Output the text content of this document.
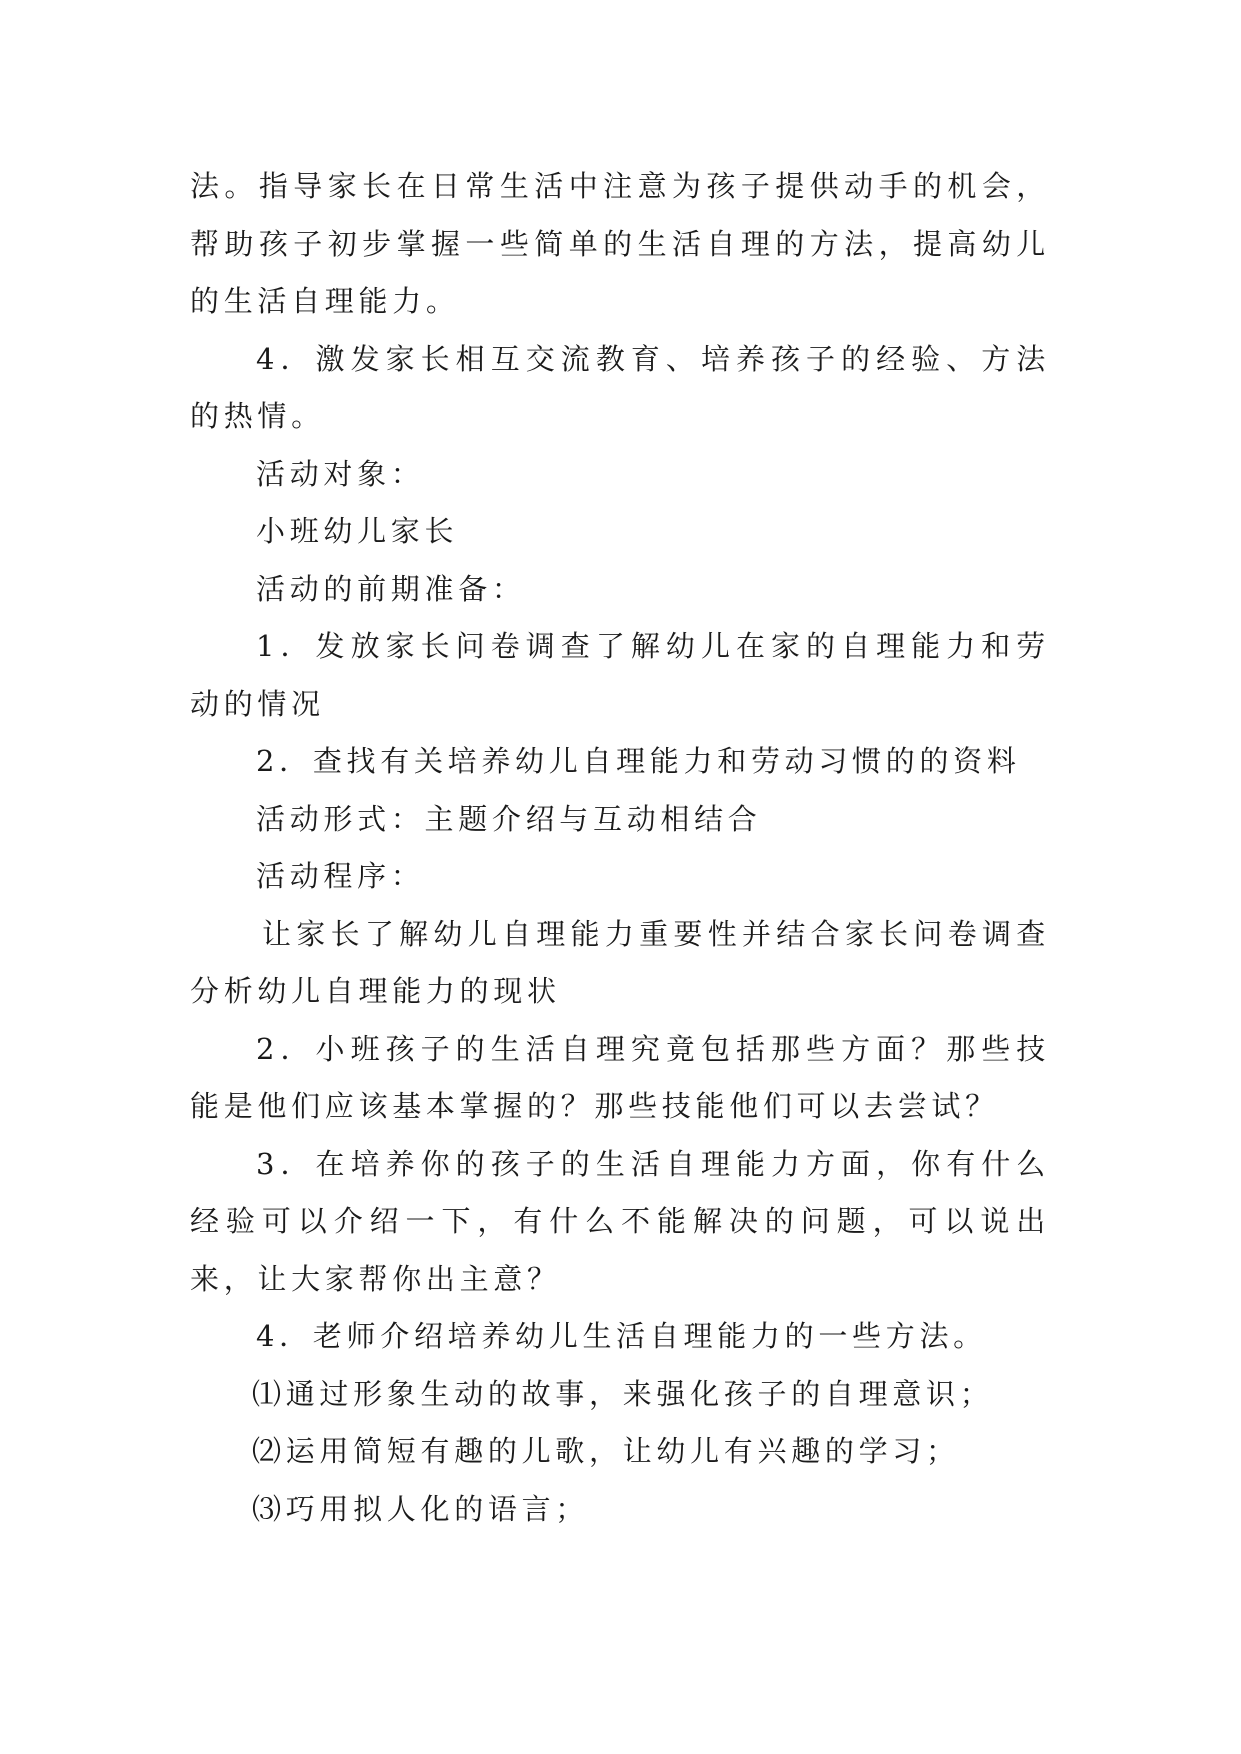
法。指导家长在日常生活中注意为孩子提供动手的机会，帮助孩子初步掌握一些简单的生活自理的方法，提高幼儿的生活自理能力。

4．激发家长相互交流教育、培养孩子的经验、方法的热情。

活动对象：

小班幼儿家长

活动的前期准备：

1．发放家长问卷调查了解幼儿在家的自理能力和劳动的情况

2．查找有关培养幼儿自理能力和劳动习惯的的资料

活动形式：主题介绍与互动相结合

活动程序：

让家长了解幼儿自理能力重要性并结合家长问卷调查分析幼儿自理能力的现状

2．小班孩子的生活自理究竟包括那些方面？那些技能是他们应该基本掌握的？那些技能他们可以去尝试？

3．在培养你的孩子的生活自理能力方面，你有什么经验可以介绍一下，有什么不能解决的问题，可以说出来，让大家帮你出主意？

4．老师介绍培养幼儿生活自理能力的一些方法。

⑴通过形象生动的故事，来强化孩子的自理意识；

⑵运用简短有趣的儿歌，让幼儿有兴趣的学习；

⑶巧用拟人化的语言；
